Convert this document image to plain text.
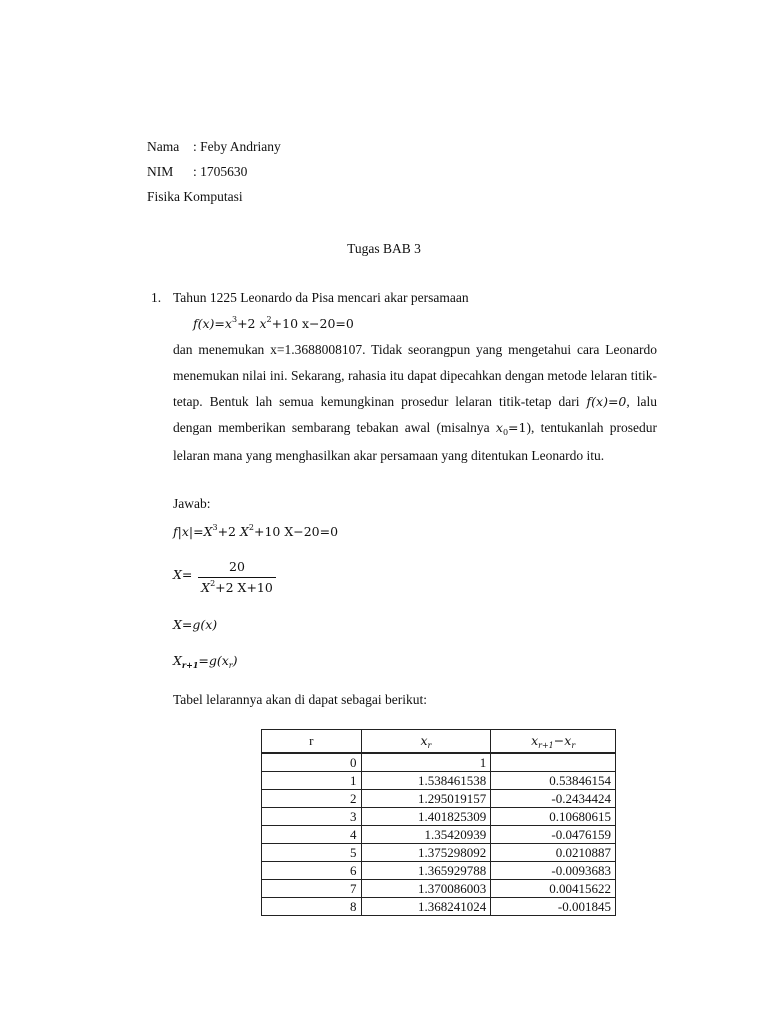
Nama : Feby Andriany
NIM : 1705630
Fisika Komputasi
Tugas BAB 3
1. Tahun 1225 Leonardo da Pisa mencari akar persamaan
$f(x)=x^3+2$ $x^2+10$ x−20=0

dan menemukan x=1.3688008107. Tidak seorangpun yang mengetahui cara Leonardo menemukan nilai ini. Sekarang, rahasia itu dapat dipecahkan dengan metode lelaran titik-tetap. Bentuk lah semua kemungkinan prosedur lelaran titik-tetap dari f(x)=0, lalu dengan memberikan sembarang tebakan awal (misalnya $x_0=1$), tentukanlah prosedur lelaran mana yang menghasilkan akar persamaan yang ditentukan Leonardo itu.

Jawab:
$f|x|=X^3+2$ $X^2+10$ X−20=0
X=
20
$X^2+2$ X+10
X=g(x)
$X_{r+1}=g(x_r)$
Tabel lelarannya akan di dapat sebagai berikut:
r	$x_r$	$x_{r+1}-x_r$
0	1	
1	1.538461538	0.53846154
2	1.295019157	-0.2434424
3	1.401825309	0.10680615
4	1.35420939	-0.0476159
5	1.375298092	0.0210887
6	1.365929788	-0.0093683
7	1.370086003	0.00415622
8	1.368241024	-0.001845
